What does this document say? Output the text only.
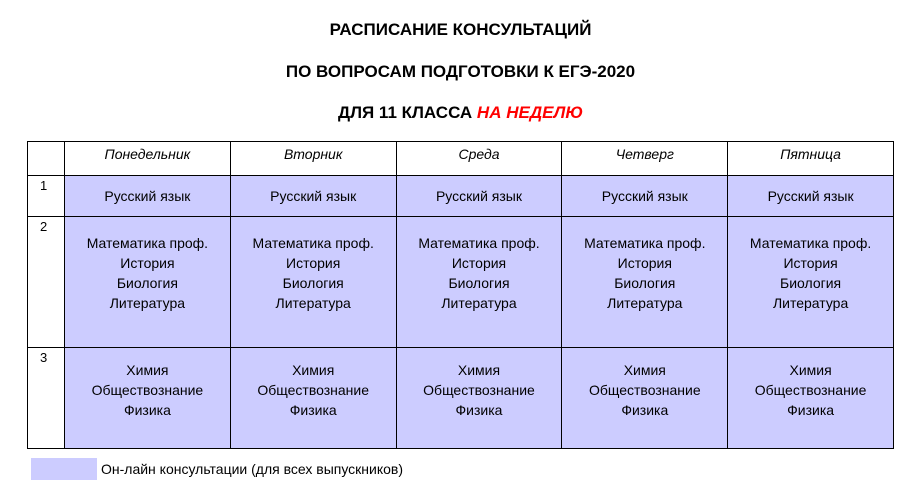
РАСПИСАНИЕ КОНСУЛЬТАЦИЙ
ПО ВОПРОСАМ ПОДГОТОВКИ К ЕГЭ-2020
ДЛЯ 11 КЛАССА НА НЕДЕЛЮ
	Понедельник	Вторник	Среда	Четверг	Пятница
1	Русский язык	Русский язык	Русский язык	Русский язык	Русский язык

2	Математика проф.
История
Биология
Литература	Математика проф.
История
Биология
Литература	Математика проф.
История
Биология
Литература	Математика проф.
История
Биология
Литература	Математика проф.
История
Биология
Литература

3	Химия
Обществознание
Физика	Химия
Обществознание
Физика	Химия
Обществознание
Физика	Химия
Обществознание
Физика	Химия
Обществознание
Физика
Он-лайн консультации (для всех выпускников)
